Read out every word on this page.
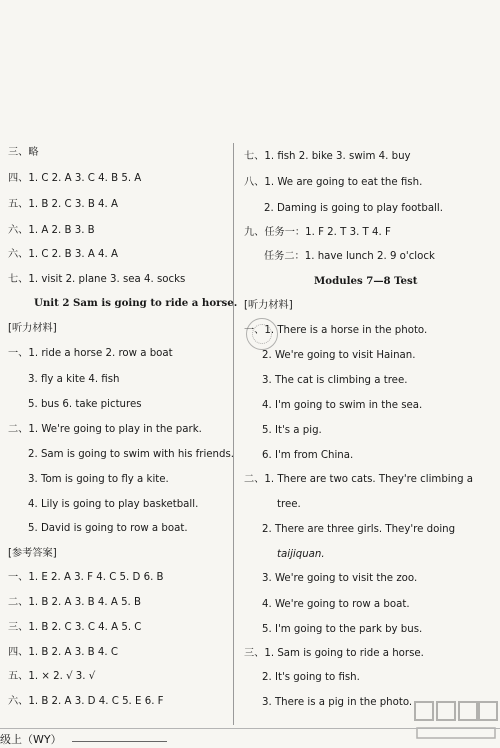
三、略
四、1. C 2. A 3. C 4. B 5. A
五、1. B 2. C 3. B 4. A
六、1. A 2. B 3. B
六、1. C 2. B 3. A 4. A
七、1. visit 2. plane 3. sea 4. socks
Unit 2 Sam is going to ride a horse.
[听力材料]
一、1. ride a horse 2. row a boat
3. fly a kite 4. fish
5. bus 6. take pictures
二、1. We're going to play in the park.
2. Sam is going to swim with his friends.
3. Tom is going to fly a kite.
4. Lily is going to play basketball.
5. David is going to row a boat.
[参考答案]
一、1. E 2. A 3. F 4. C 5. D 6. B
二、1. B 2. A 3. B 4. A 5. B
三、1. B 2. C 3. C 4. A 5. C
四、1. B 2. A 3. B 4. C
五、1. × 2. √ 3. √
六、1. B 2. A 3. D 4. C 5. E 6. F
七、1. fish 2. bike 3. swim 4. buy
八、1. We are going to eat the fish.
2. Daming is going to play football.
九、任务一：1. F 2. T 3. T 4. F
任务二：1. have lunch 2. 9 o'clock
Modules 7—8 Test
[听力材料]
一、1. There is a horse in the photo.
2. We're going to visit Hainan.
3. The cat is climbing a tree.
4. I'm going to swim in the sea.
5. It's a pig.
6. I'm from China.
二、1. There are two cats. They're climbing a
tree.
2. There are three girls. They're doing
taijiquan.
3. We're going to visit the zoo.
4. We're going to row a boat.
5. I'm going to the park by bus.
三、1. Sam is going to ride a horse.
2. It's going to fish.
3. There is a pig in the photo.
级上（WY）
